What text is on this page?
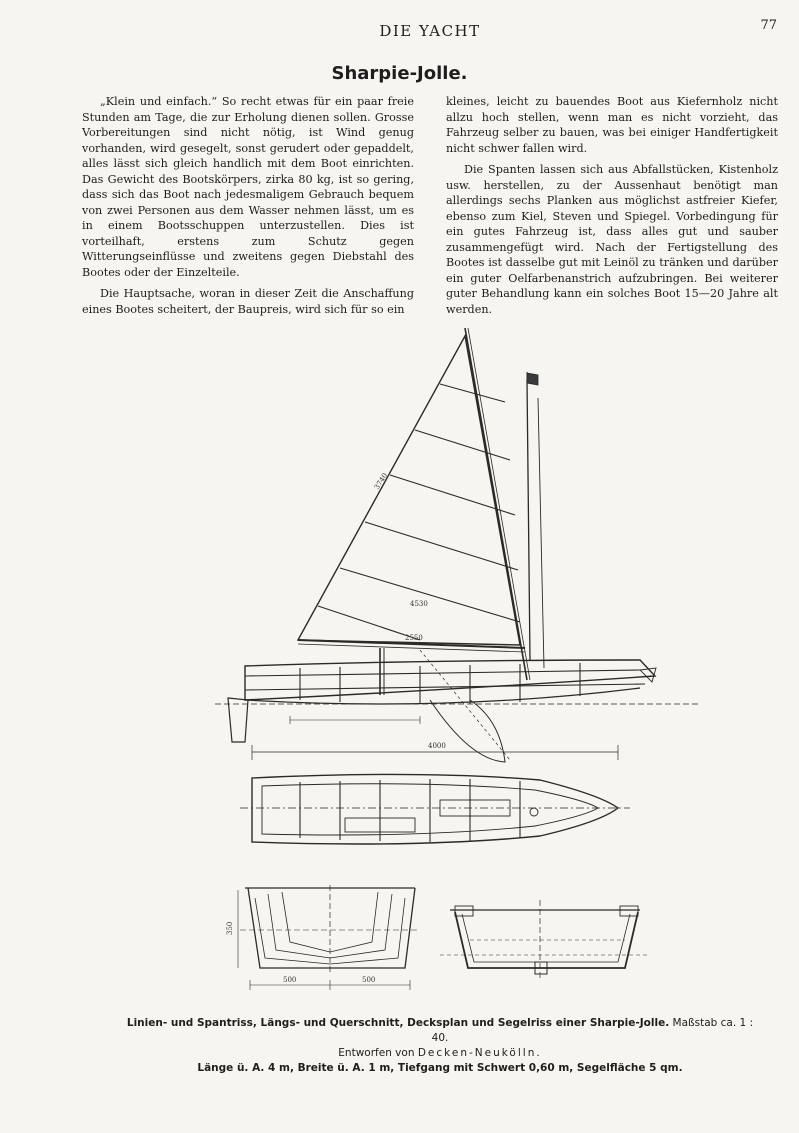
DIE YACHT	77
Sharpie-Jolle.

„Klein und einfach.“ So recht etwas für ein paar freie Stunden am Tage, die zur Erholung dienen sollen. Grosse Vorbereitungen sind nicht nötig, ist Wind genug vorhanden, wird gesegelt, sonst gerudert oder gepaddelt, alles lässt sich gleich handlich mit dem Boot einrichten. Das Gewicht des Bootskörpers, zirka 80 kg, ist so gering, dass sich das Boot nach jedesmaligem Gebrauch bequem von zwei Personen aus dem Wasser nehmen lässt, um es in einem Bootsschuppen unterzustellen. Dies ist vorteilhaft, erstens zum Schutz gegen Witterungseinflüsse und zweitens gegen Diebstahl des Bootes oder der Einzelteile.

Die Hauptsache, woran in dieser Zeit die Anschaffung eines Bootes scheitert, der Baupreis, wird sich für so ein

kleines, leicht zu bauendes Boot aus Kiefernholz nicht allzu hoch stellen, wenn man es nicht vorzieht, das Fahrzeug selber zu bauen, was bei einiger Handfertigkeit nicht schwer fallen wird.

Die Spanten lassen sich aus Abfallstücken, Kistenholz usw. herstellen, zu der Aussenhaut benötigt man allerdings sechs Planken aus möglichst astfreier Kiefer, ebenso zum Kiel, Steven und Spiegel. Vorbedingung für ein gutes Fahrzeug ist, dass alles gut und sauber zusammengefügt wird. Nach der Fertigstellung des Bootes ist dasselbe gut mit Leinöl zu tränken und darüber ein guter Oelfarbenanstrich aufzubringen. Bei weiterer guter Behandlung kann ein solches Boot 15—20 Jahre alt werden.

3740
4530
2550
4000
500	500
350
Linien- und Spantriss, Längs- und Querschnitt, Decksplan und Segelriss einer Sharpie-Jolle. Maßstab ca. 1 : 40.
Entworfen von Decken-Neukölln.
Länge ü. A. 4 m, Breite ü. A. 1 m, Tiefgang mit Schwert 0,60 m, Segelfläche 5 qm.
